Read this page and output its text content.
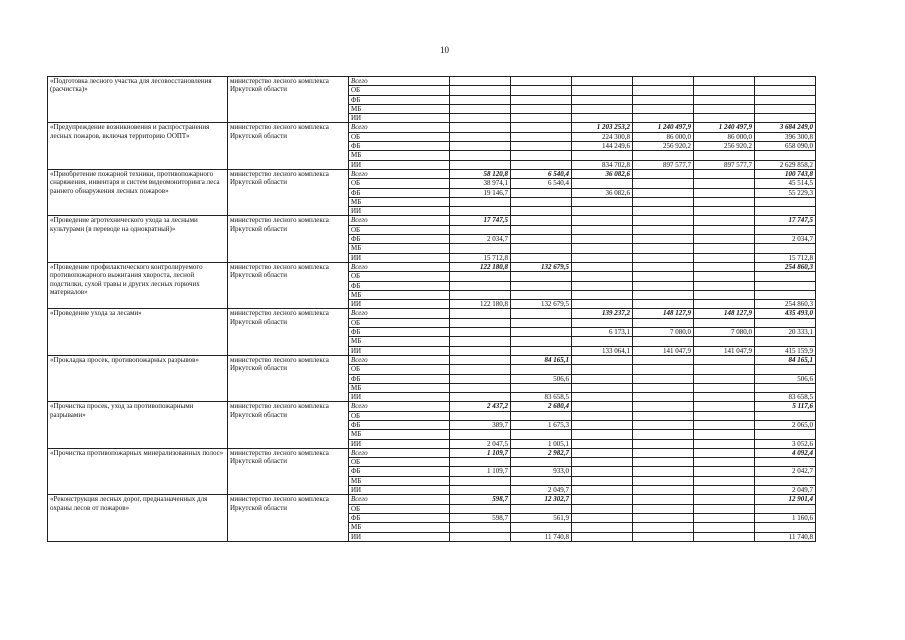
10
«Подготовка лесного участка для лесовосстановления (расчистка)»	министерство лесного комплекса Иркутской области	Всего						
		ОБ						
		ФБ						
		МБ						
		ИИ						
«Предупреждение возникновения и распространения лесных пожаров, включая территорию ООПТ»	министерство лесного комплекса Иркутской области	Всего			1 203 253,2	1 240 497,9	1 240 497,9	3 684 249,0
		ОБ			224 300,8	86 000,0	86 000,0	396 300,8
		ФБ			144 249,6	256 920,2	256 920,2	658 090,0
		МБ						
		ИИ			834 702,8	897 577,7	897 577,7	2 629 858,2
«Приобретение пожарной техники, противопожарного снаряжения, инвентаря и систем видеомониторинга леса раннего обнаружения лесных пожаров»	министерство лесного комплекса Иркутской области	Всего	58 120,8	6 540,4	36 082,6			100 743,8
		ОБ	38 974,1	6 540,4				45 514,5
		ФБ	19 146,7		36 082,6			55 229,3
		МБ						
		ИИ						
«Проведение агротехнического ухода за лесными культурами (в переводе на однократный)»	министерство лесного комплекса Иркутской области	Всего	17 747,5					17 747,5
		ОБ						
		ФБ	2 034,7					2 034,7
		МБ						
		ИИ	15 712,8					15 712,8
«Проведение профилактического контролируемого противопожарного выжигания хвороста, лесной подстилки, сухой травы и других лесных горючих материалов»	министерство лесного комплекса Иркутской области	Всего	122 180,8	132 679,5				254 860,3
		ОБ						
		ФБ						
		МБ						
		ИИ	122 180,8	132 679,5				254 860,3
«Проведение ухода за лесами»	министерство лесного комплекса Иркутской области	Всего			139 237,2	148 127,9	148 127,9	435 493,0
		ОБ						
		ФБ			6 173,1	7 080,0	7 080,0	20 333,1
		МБ						
		ИИ			133 064,1	141 047,9	141 047,9	415 159,9
«Прокладка просек, противопожарных разрывов»	министерство лесного комплекса Иркутской области	Всего		84 165,1				84 165,1
		ОБ						
		ФБ		506,6				506,6
		МБ						
		ИИ		83 658,5				83 658,5
«Прочистка просек, уход за противопожарными разрывами»	министерство лесного комплекса Иркутской области	Всего	2 437,2	2 680,4				5 117,6
		ОБ						
		ФБ	389,7	1 675,3				2 065,0
		МБ						
		ИИ	2 047,5	1 005,1				3 052,6
«Прочистка противопожарных минерализованных полос»	министерство лесного комплекса Иркутской области	Всего	1 109,7	2 982,7				4 092,4
		ОБ						
		ФБ	1 109,7	933,0				2 042,7
		МБ						
		ИИ		2 049,7				2 049,7
«Реконструкция лесных дорог, предназначенных для охраны лесов от пожаров»	министерство лесного комплекса Иркутской области	Всего	598,7	12 302,7				12 901,4
		ОБ						
		ФБ	598,7	561,9				1 160,6
		МБ						
		ИИ		11 740,8				11 740,8
